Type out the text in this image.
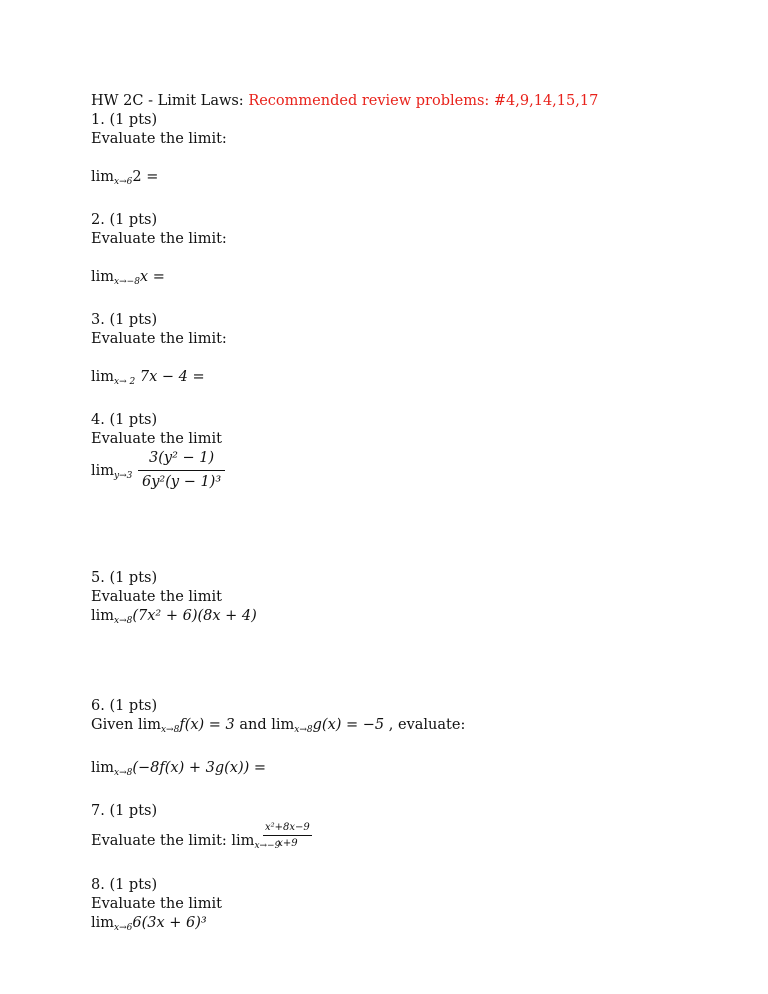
HW 2C - Limit Laws: Recommended review problems: #4,9,14,15,17
1. (1 pts)
Evaluate the limit:
$\lim_{x\to 6}2$ =
2. (1 pts)
Evaluate the limit:
$\lim_{x\to-8}x$ =
3. (1 pts)
Evaluate the limit:
$\lim_{x\to 2} 7x - 4$ =
4. (1 pts)
Evaluate the limit
$\lim_{y\to 3} \frac{\text{3(y² − 1)}}{\text{6y²(y − 1)³}}$
5. (1 pts)
Evaluate the limit
$\lim_{x\to 8}(7x^2 + 6)(8x + 4)$
6. (1 pts)
Given $\lim_{x\to 8}f(x) = 3$ and $\lim_{x\to 8}g(x) = -5$ , evaluate:
$\lim_{x\to 8}(-8f(x) + 3g(x))$ =
7. (1 pts)
Evaluate the limit: $\lim_{x\to-9}$
$\frac{\text{x²+8x−9}}{x+9}$
8. (1 pts)
Evaluate the limit
$\lim_{x\to 6}6(3x + 6)^3$
